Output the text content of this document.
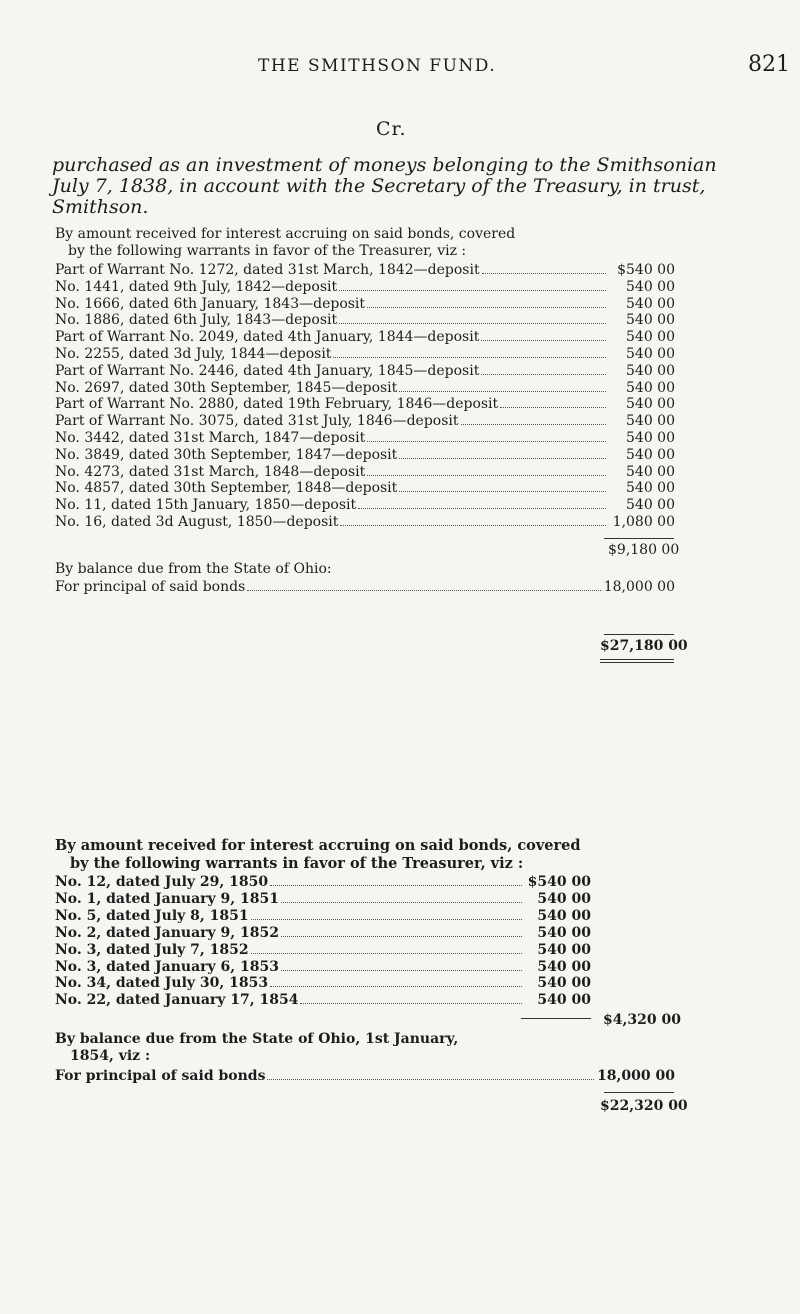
THE SMITHSON FUND.	821
Cr.
purchased as an investment of moneys belonging to the Smithsonian July 7, 1838, in account with the Secretary of the Treasury, in trust, Smithson.
By amount received for interest accruing on said bonds, covered
by the following warrants in favor of the Treasurer, viz :
Part of Warrant No. 1272, dated 31st March, 1842—deposit	$540 00
No. 1441, dated 9th July, 1842—deposit	540 00
No. 1666, dated 6th January, 1843—deposit	540 00
No. 1886, dated 6th July, 1843—deposit	540 00
Part of Warrant No. 2049, dated 4th January, 1844—deposit	540 00
No. 2255, dated 3d July, 1844—deposit	540 00
Part of Warrant No. 2446, dated 4th January, 1845—deposit	540 00
No. 2697, dated 30th September, 1845—deposit	540 00
Part of Warrant No. 2880, dated 19th February, 1846—deposit	540 00
Part of Warrant No. 3075, dated 31st July, 1846—deposit	540 00
No. 3442, dated 31st March, 1847—deposit	540 00
No. 3849, dated 30th September, 1847—deposit	540 00
No. 4273, dated 31st March, 1848—deposit	540 00
No. 4857, dated 30th September, 1848—deposit	540 00
No. 11, dated 15th January, 1850—deposit	540 00
No. 16, dated 3d August, 1850—deposit	1,080 00
$9,180 00
By balance due from the State of Ohio:
For principal of said bonds	18,000 00
$27,180 00
By amount received for interest accruing on said bonds, covered
by the following warrants in favor of the Treasurer, viz :
No. 12, dated July 29, 1850	$540 00
No. 1, dated January 9, 1851	540 00
No. 5, dated July 8, 1851	540 00
No. 2, dated January 9, 1852	540 00
No. 3, dated July 7, 1852	540 00
No. 3, dated January 6, 1853	540 00
No. 34, dated July 30, 1853	540 00
No. 22, dated January 17, 1854	540 00
$4,320 00
By balance due from the State of Ohio, 1st January,
1854, viz :
For principal of said bonds	18,000 00
$22,320 00
